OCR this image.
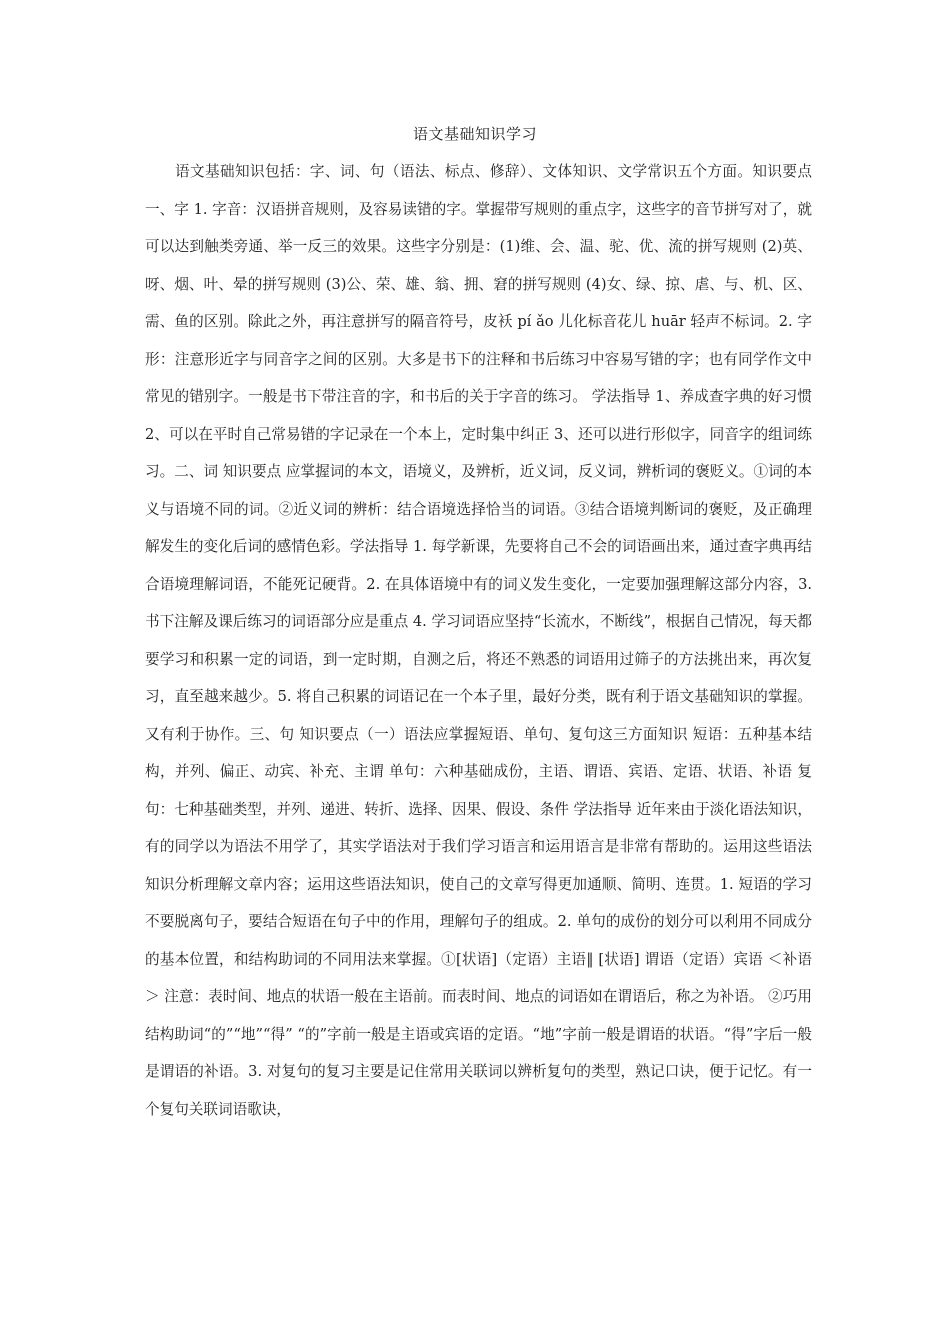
语文基础知识学习

语文基础知识包括：字、词、句（语法、标点、修辞）、文体知识、文学常识五个方面。知识要点 一、字 1. 字音：汉语拼音规则，及容易读错的字。掌握带写规则的重点字，这些字的音节拼写对了，就可以达到触类旁通、举一反三的效果。这些字分别是：(1)维、会、温、驼、优、流的拼写规则 (2)英、呀、烟、叶、晕的拼写规则 (3)公、荣、雄、翁、拥、窘的拼写规则 (4)女、绿、掠、虐、与、机、区、需、鱼的区别。除此之外，再注意拼写的隔音符号，皮袄 pí ǎo 儿化标音花儿 huār 轻声不标词。2. 字形：注意形近字与同音字之间的区别。大多是书下的注释和书后练习中容易写错的字；也有同学作文中常见的错别字。一般是书下带注音的字，和书后的关于字音的练习。 学法指导 1、养成查字典的好习惯 2、可以在平时自己常易错的字记录在一个本上，定时集中纠正 3、还可以进行形似字，同音字的组词练习。二、词 知识要点 应掌握词的本文，语境义，及辨析，近义词，反义词，辨析词的褒贬义。①词的本义与语境不同的词。②近义词的辨析：结合语境选择恰当的词语。③结合语境判断词的褒贬，及正确理解发生的变化后词的感情色彩。学法指导 1. 每学新课，先要将自己不会的词语画出来，通过查字典再结合语境理解词语，不能死记硬背。2. 在具体语境中有的词义发生变化，一定要加强理解这部分内容，3. 书下注解及课后练习的词语部分应是重点 4. 学习词语应坚持“长流水，不断线”，根据自己情况，每天都要学习和积累一定的词语，到一定时期，自测之后，将还不熟悉的词语用过筛子的方法挑出来，再次复习，直至越来越少。5. 将自己积累的词语记在一个本子里，最好分类，既有利于语文基础知识的掌握。又有利于协作。三、句 知识要点（一）语法应掌握短语、单句、复句这三方面知识 短语：五种基本结构，并列、偏正、动宾、补充、主谓 单句：六种基础成份，主语、谓语、宾语、定语、状语、补语 复句：七种基础类型，并列、递进、转折、选择、因果、假设、条件 学法指导 近年来由于淡化语法知识，有的同学以为语法不用学了，其实学语法对于我们学习语言和运用语言是非常有帮助的。运用这些语法知识分析理解文章内容；运用这些语法知识，使自己的文章写得更加通顺、简明、连贯。1. 短语的学习不要脱离句子，要结合短语在句子中的作用，理解句子的组成。2. 单句的成份的划分可以利用不同成分的基本位置，和结构助词的不同用法来掌握。①[状语]（定语）主语‖ [状语] 谓语（定语）宾语 ＜补语＞ 注意：表时间、地点的状语一般在主语前。而表时间、地点的词语如在谓语后，称之为补语。 ②巧用结构助词“的”“地”“得” “的”字前一般是主语或宾语的定语。“地”字前一般是谓语的状语。“得”字后一般是谓语的补语。3. 对复句的复习主要是记住常用关联词以辨析复句的类型，熟记口诀，便于记忆。有一个复句关联词语歌诀，
